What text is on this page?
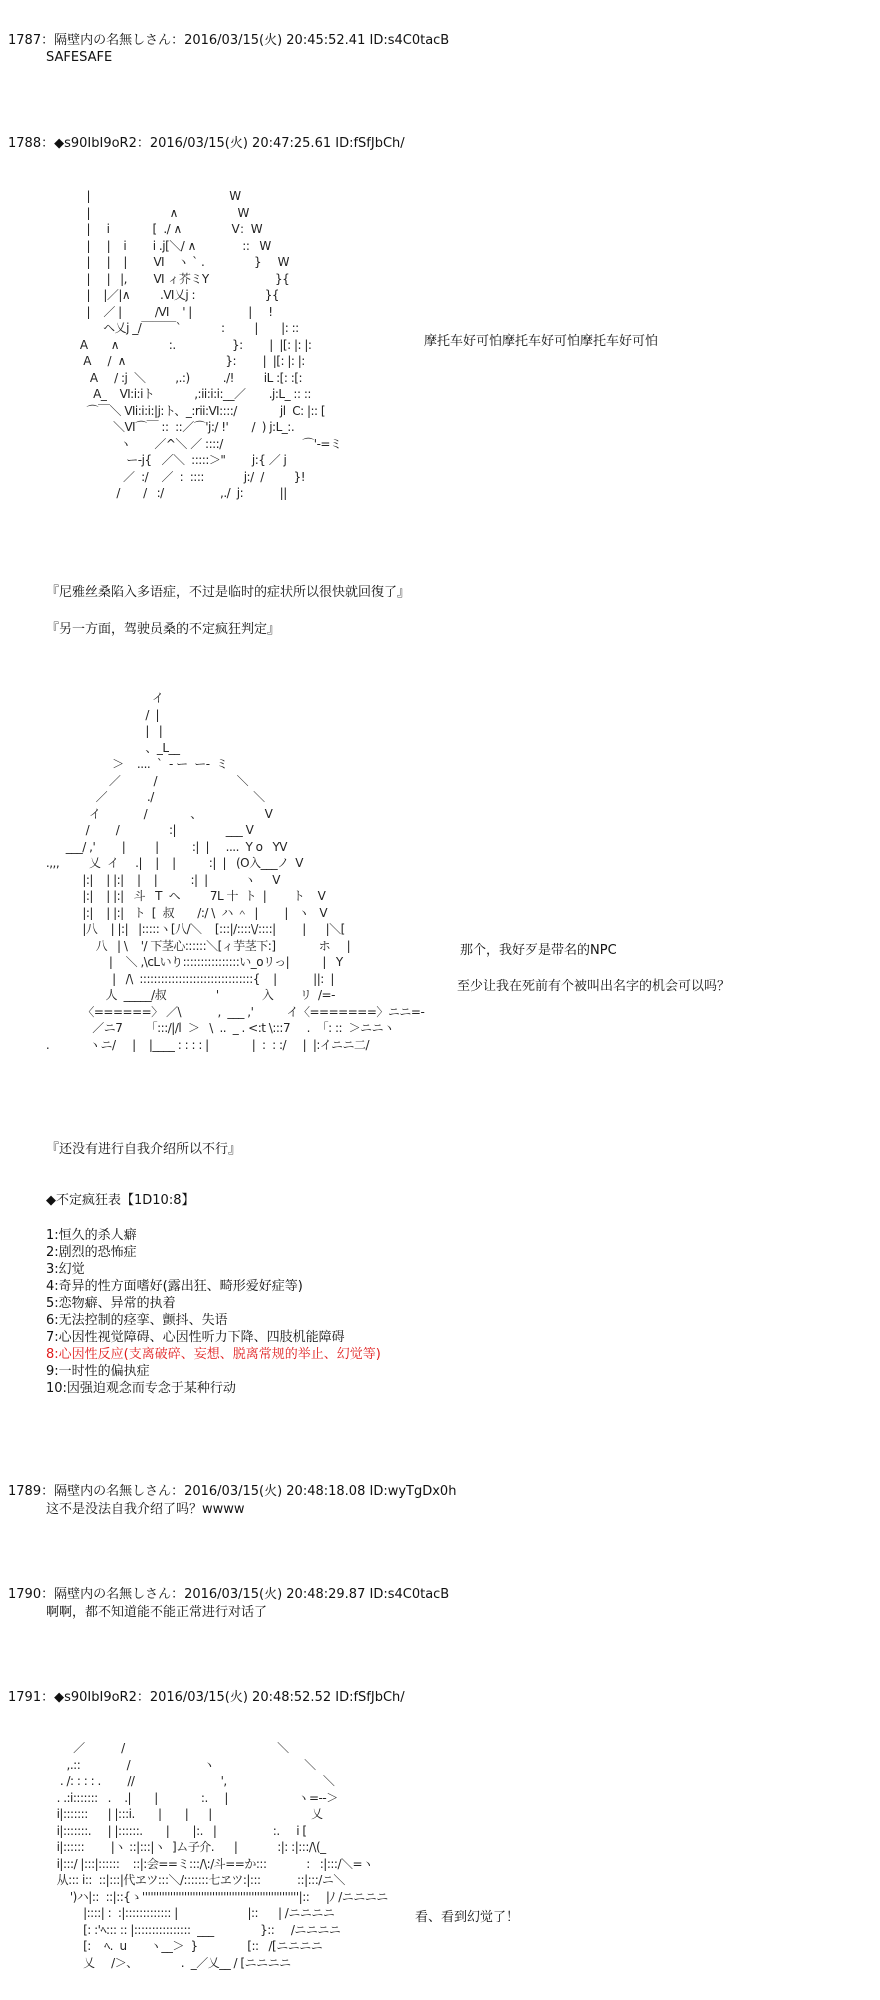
1787：隔壁内の名無しさん：2016/03/15(火) 20:45:52.41 ID:s4C0tacB
SAFESAFE
1788：◆s90IbI9oR2：2016/03/15(火) 20:47:25.61 ID:fSfJbCh/
|                                          W
|                        ∧                  W
|     i             [  ./ ∧               V：W
|     |    i        i .j[＼/ ∧              ::   W
|     |    |        Ⅵ    ヽ ` .               }     W
|     |   |,        Ⅵ ィ芥ミY                    }{
|    |／|∧         .Ⅵ乂j :                     }{
|    ／ |          /Ⅵ    ' |                 |     !
ヘ乂j _/￣￣￣`            :         |       |: ::
A       ∧               :.                 }:        |  |[: |: |:
A     /  ∧                              }:        |  |[: |: |:
A     / :j  ＼         ,.:)          ./!         iL :[: :[:
A_    Ⅵ:i:iト            ,:ii:i:i:__／       .j:L_ :: ::
⌒￣＼ Ⅵi:i:i:|j:ト、_:rii:Ⅵ::::/             jl  C: |:: [
＼Ⅵ⌒￣ ::  ::／⌒'j:/ !'       /  ) j:L_:.
ヽ       ／^＼ ／ ::::/                        ⌒'-=ミ
ー-j{   ／＼  :::::＞"        j:{ ／ j
／  :/    ／  :  ::::            j:/  /         }!
/       /   :/                 ,./  j:           ||
摩托车好可怕摩托车好可怕摩托车好可怕
『尼雅丝桑陷入多语症，不过是临时的症状所以很快就回復了』
『另一方面，驾驶员桑的不定疯狂判定』
イ
/  |
|   |
、_L__
＞    ....  `  ‐ ー  ー-  ミ
／          /                        ＼
／            ./                              ＼
イ             /             、                   V
/        /               :|               ___ V
___/ ,'        |         |          :|  |     ....  Y o   YV
.,,,         乂  イ     .|    |    |          :|  |   (O入___ノ  V
|:|    | |:|    |    |          :|  |           ヽ     V
|:|    | |:|   斗   T  ヘ         7L 十  ト  |        ト    V
|:|    | |:|   ト  [  叔       /:/ \  ハ ＾  |        |   ヽ   V
|八    | |:|   |:::::ヽ[八/＼    [:::|/::::\/::::|        |      |＼[
八   | \    '/ 下茎心::::::＼[ィ芋茎下:]             ホ     |
|    ＼ ,\cLいり::::::::::::::::い_oリっ|          |   Y
|   /\  ::::::::::::::::::::::::::::::::{    |           ||:  |
人  _____/叔               '             入        リ  /=-
〈======〉 ／\           ,  ___ ,'          イ〈=======〉ニニ=-
／ニ7       「:::/|/l  ＞   \  ..  _ . <:t \:::7     .  「: ::  ＞ニニヽ
.            ヽニ/     |    |____ : : : : |             |  :  : :/     |  |:イニニ二/
那个，我好歹是带名的NPC
至少让我在死前有个被叫出名字的机会可以吗？
『还没有进行自我介绍所以不行』
◆不定疯狂表【1D10:8】
1:恒久的杀人癖
2:剧烈的恐怖症
3:幻觉
4:奇异的性方面嗜好(露出狂、畸形爱好症等)
5:恋物癖、异常的执着
6:无法控制的痉挛、颤抖、失语
7:心因性视觉障碍、心因性听力下降、四肢机能障碍
8:心因性反应(支离破碎、妄想、脱离常规的举止、幻觉等)
9:一时性的偏执症
10:因强迫观念而专念于某种行动
1789：隔壁内の名無しさん：2016/03/15(火) 20:48:18.08 ID:wyTgDx0h
这不是没法自我介绍了吗？wwww
1790：隔壁内の名無しさん：2016/03/15(火) 20:48:29.87 ID:s4C0tacB
啊啊，都不知道能不能正常进行对话了
1791：◆s90IbI9oR2：2016/03/15(火) 20:48:52.52 ID:fSfJbCh/
／           /                                              ＼
,.::              /                      ヽ                           ＼
. /: : : : .        //                          ',                             ＼
. .:i:::::::   .    .|       |             :.     |                     ヽ=--＞
i|:::::::      | |:::i.       |       |      |                              乂
i|:::::::.     | |::::::.       |       |:.   |                 :.     i [
i|::::::        |ヽ ::|:::|ヽ  ]ム子介.      |            :|: :|:::/\(_
i|:::/ |:::|::::::    ::|:会==ミ:::/\:/斗==か:::            :   :|:::/＼=ヽ
从::: i::  ::|:::|代ヱツ:::＼/:::::::七ヱツ:|:::           ::|:::/ニ＼
')ハ|::  ::|::{ゝ''''''''''''''''''''''''''''''''''''''''''''''''''''''''|::     |ﾉ /ニニニニ
|::::| :  :|::::::::::::: |                     |::      | /ニニニニ
[: :'ﾍ::: :: |::::::::::::::::  ___              }::     /ニニニニ
[:    ﾍ.  u       ヽ__＞  }               [::   /[ニニニニ
乂     /＞、             .  _／乂__ / [ニニニニ
看、看到幻觉了！
